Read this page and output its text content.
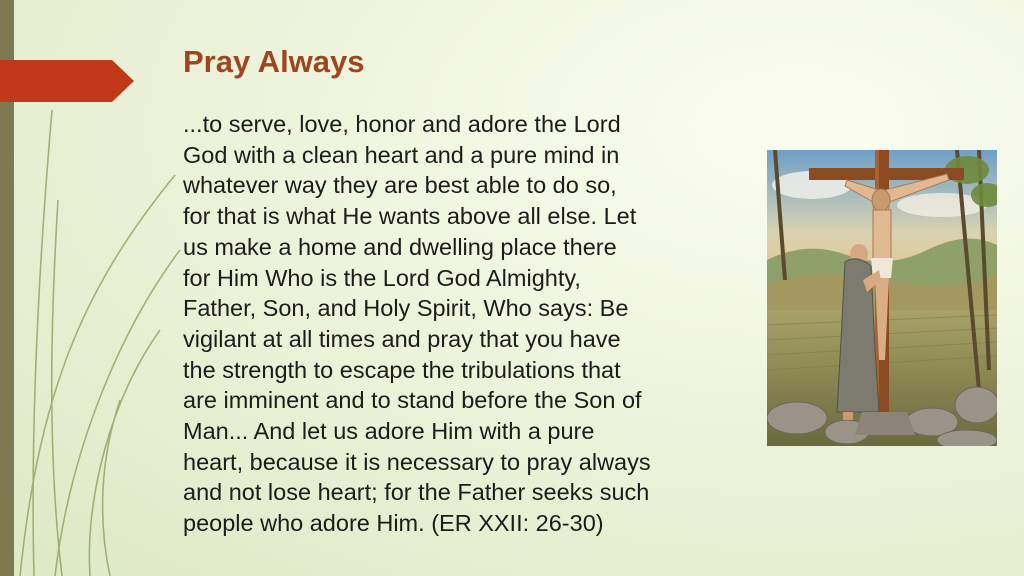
Pray Always

...to serve, love, honor and adore the Lord
God with a clean heart and a pure mind in
whatever way they are best able to do so,
for that is what He wants above all else. Let
us make a home and dwelling place there
for Him Who is the Lord God Almighty,
Father, Son, and Holy Spirit, Who says: Be
vigilant at all times and pray that you have
the strength to escape the tribulations that
are imminent and to stand before the Son of
Man... And let us adore Him with a pure
heart, because it is necessary to pray always
and not lose heart; for the Father seeks such
people who adore Him. (ER XXII: 26-30)
